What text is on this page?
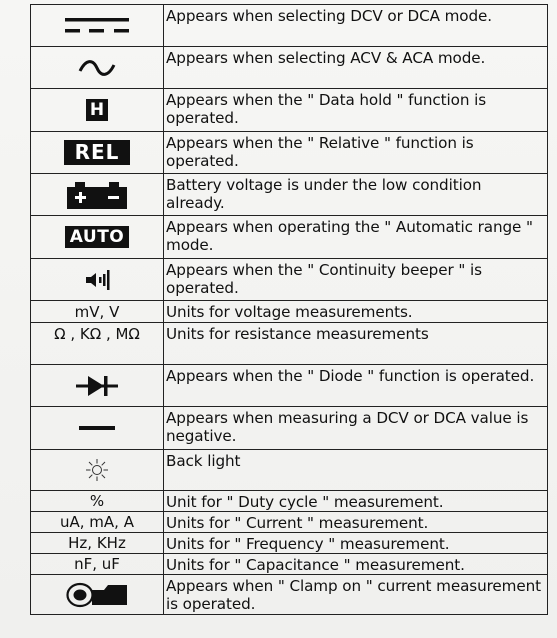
	Appears when selecting DCV or DCA mode.

	Appears when selecting ACV & ACA mode.
H	Appears when the " Data hold " function is operated.
REL	Appears when the " Relative " function is operated.

	Battery voltage is under the low condition already.
AUTO	Appears when operating the " Automatic range " mode.

	Appears when the " Continuity beeper " is operated.

mV, V	Units for voltage measurements.

Ω , KΩ , MΩ	Units for resistance measurements

	Appears when the " Diode " function is operated.

	Appears when measuring a DCV or DCA value is negative.

	Back light

%	Unit for " Duty cycle " measurement.

uA, mA, A	Units for " Current " measurement.

Hz, KHz	Units for " Frequency " measurement.

nF, uF	Units for " Capacitance " measurement.

	Appears when " Clamp on " current measurement is operated.
